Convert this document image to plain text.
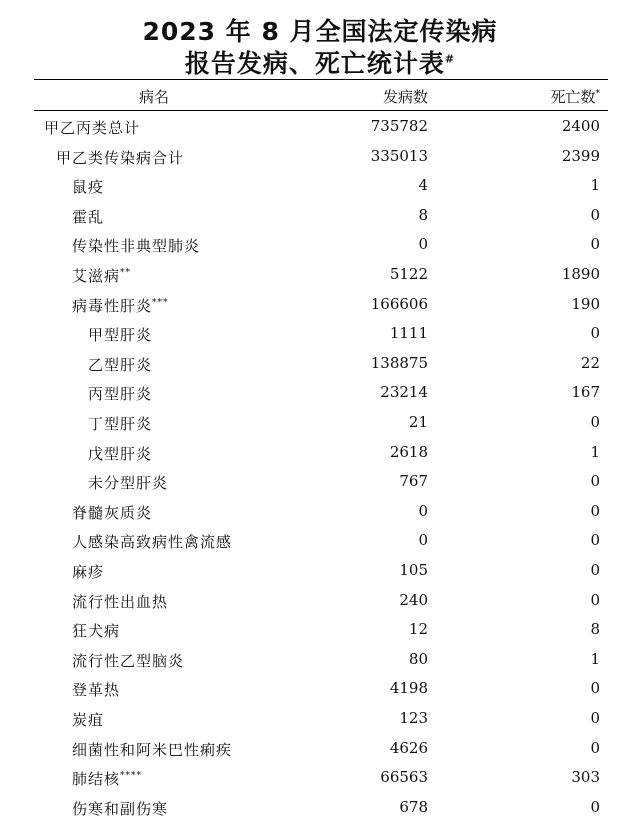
2023 年 8 月全国法定传染病
报告发病、死亡统计表#
病名	发病数	死亡数*
甲乙丙类总计	735782	2400
甲乙类传染病合计	335013	2399
鼠疫	4	1
霍乱	8	0
传染性非典型肺炎	0	0
艾滋病**	5122	1890
病毒性肝炎***	166606	190
甲型肝炎	1111	0
乙型肝炎	138875	22
丙型肝炎	23214	167
丁型肝炎	21	0
戊型肝炎	2618	1
未分型肝炎	767	0
脊髓灰质炎	0	0
人感染高致病性禽流感	0	0
麻疹	105	0
流行性出血热	240	0
狂犬病	12	8
流行性乙型脑炎	80	1
登革热	4198	0
炭疽	123	0
细菌性和阿米巴性痢疾	4626	0
肺结核****	66563	303
伤寒和副伤寒	678	0
